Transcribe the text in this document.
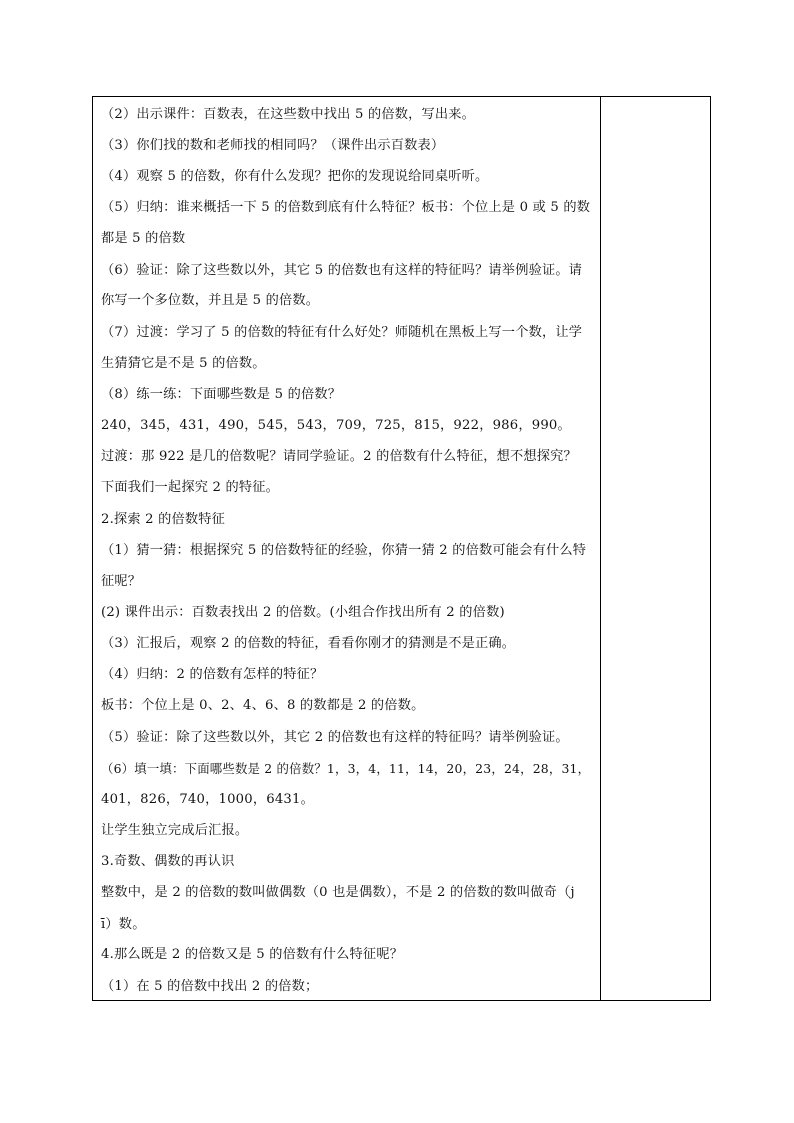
（2）出示课件：百数表，在这些数中找出 5 的倍数，写出来。
（3）你们找的数和老师找的相同吗？（课件出示百数表）
（4）观察 5 的倍数，你有什么发现？把你的发现说给同桌听听。
（5）归纳：谁来概括一下 5 的倍数到底有什么特征？板书：个位上是 0 或 5 的数
都是 5 的倍数
（6）验证：除了这些数以外，其它 5 的倍数也有这样的特征吗？请举例验证。请
你写一个多位数，并且是 5 的倍数。
（7）过渡：学习了 5 的倍数的特征有什么好处？师随机在黑板上写一个数，让学
生猜猜它是不是 5 的倍数。
（8）练一练：下面哪些数是 5 的倍数？
240，345，431，490，545，543，709，725，815，922，986，990。
过渡：那 922 是几的倍数呢？请同学验证。2 的倍数有什么特征，想不想探究？
下面我们一起探究 2 的特征。
2.探索 2 的倍数特征
（1）猜一猜：根据探究 5 的倍数特征的经验，你猜一猜 2 的倍数可能会有什么特
征呢？
(2) 课件出示：百数表找出 2 的倍数。(小组合作找出所有 2 的倍数)
（3）汇报后，观察 2 的倍数的特征，看看你刚才的猜测是不是正确。
（4）归纳：2 的倍数有怎样的特征？
板书：个位上是 0、2、4、6、8 的数都是 2 的倍数。
（5）验证：除了这些数以外，其它 2 的倍数也有这样的特征吗？请举例验证。
（6）填一填：下面哪些数是 2 的倍数？1，3，4，11，14，20，23，24，28，31，
401，826，740，1000，6431。
让学生独立完成后汇报。
3.奇数、偶数的再认识
整数中，是 2 的倍数的数叫做偶数（0 也是偶数），不是 2 的倍数的数叫做奇（j
ī）数。
4.那么既是 2 的倍数又是 5 的倍数有什么特征呢？
（1）在 5 的倍数中找出 2 的倍数；
